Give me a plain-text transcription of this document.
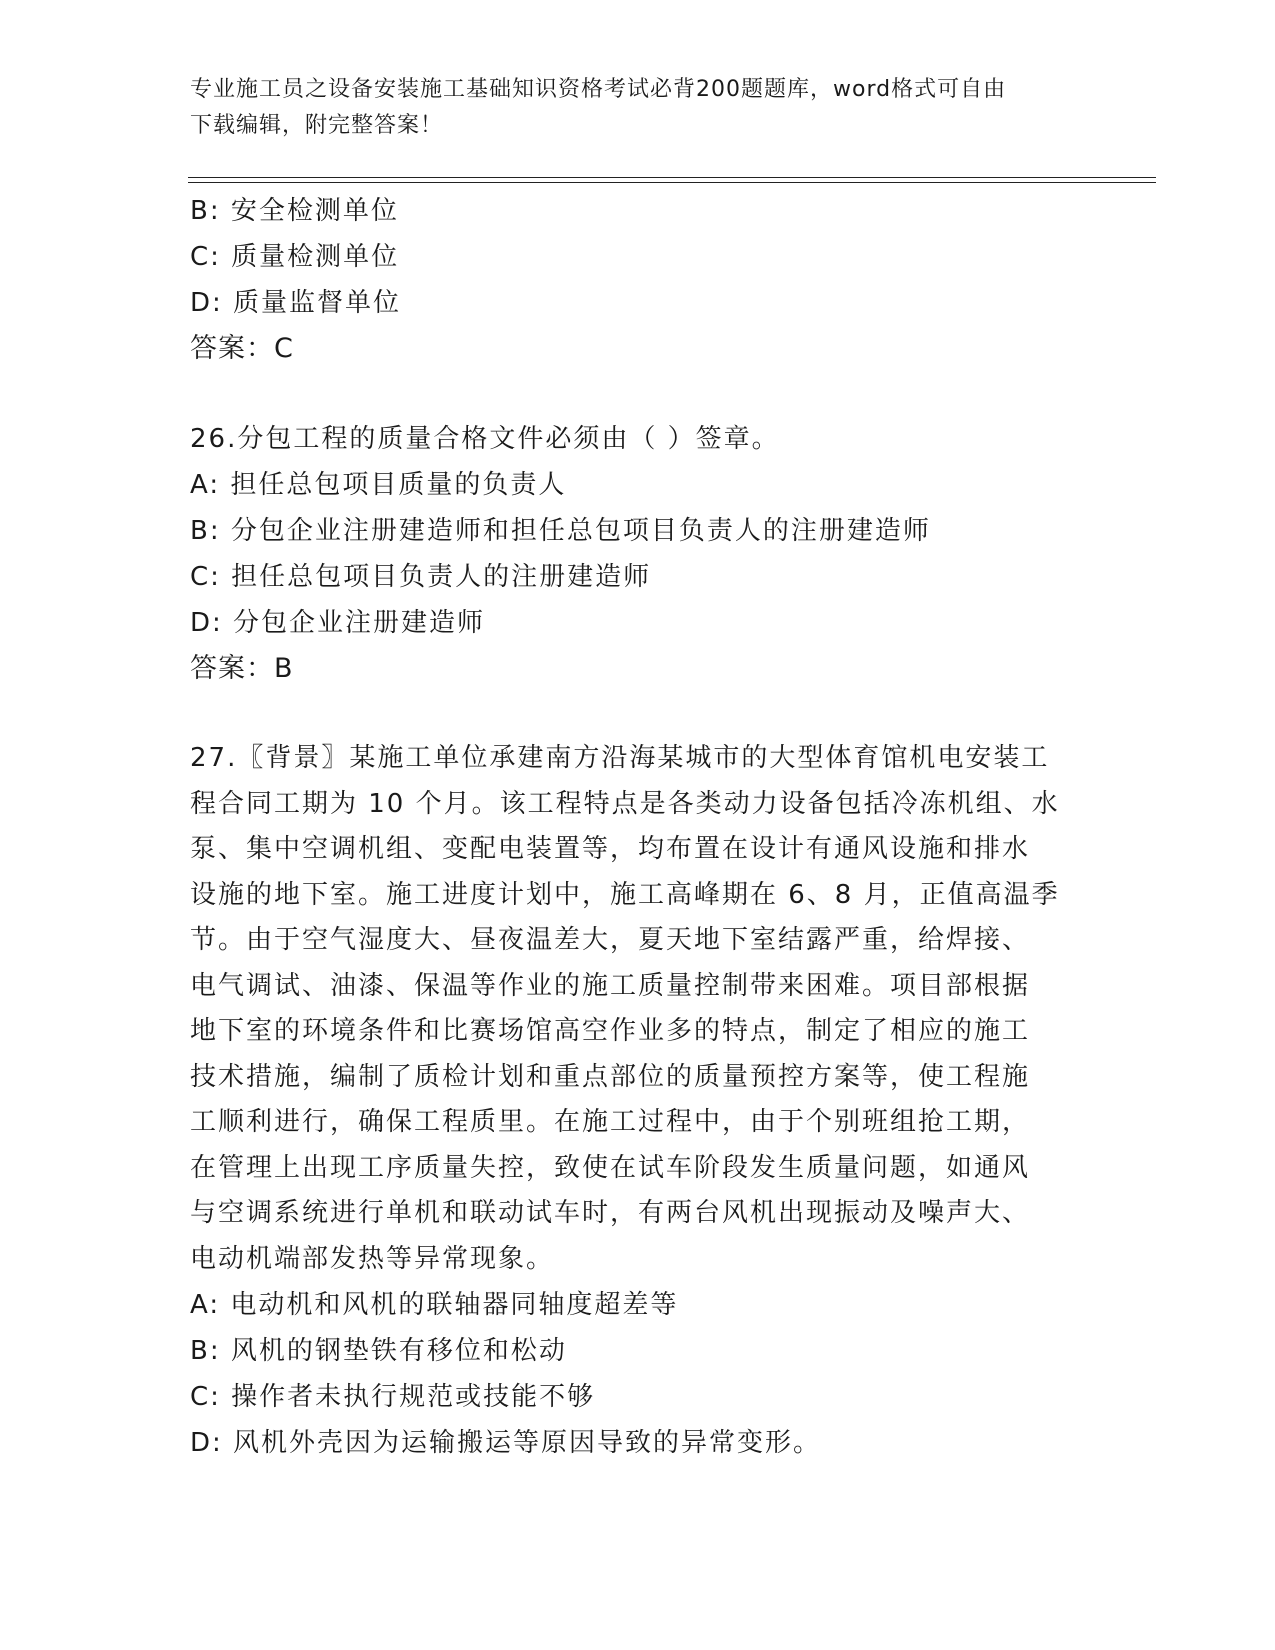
专业施工员之设备安装施工基础知识资格考试必背200题题库，word格式可自由
下载编辑，附完整答案！
B: 安全检测单位
C: 质量检测单位
D: 质量监督单位
答案：C
26.分包工程的质量合格文件必须由（ ）签章。
A: 担任总包项目质量的负责人
B: 分包企业注册建造师和担任总包项目负责人的注册建造师
C: 担任总包项目负责人的注册建造师
D: 分包企业注册建造师
答案：B
27.〖背景〗某施工单位承建南方沿海某城市的大型体育馆机电安装工
程合同工期为 10 个月。该工程特点是各类动力设备包括冷冻机组、水
泵、集中空调机组、变配电装置等，均布置在设计有通风设施和排水
设施的地下室。施工进度计划中，施工高峰期在 6、8 月，正值高温季
节。由于空气湿度大、昼夜温差大，夏天地下室结露严重，给焊接、
电气调试、油漆、保温等作业的施工质量控制带来困难。项目部根据
地下室的环境条件和比赛场馆高空作业多的特点，制定了相应的施工
技术措施，编制了质检计划和重点部位的质量预控方案等，使工程施
工顺利进行，确保工程质里。在施工过程中，由于个别班组抢工期，
在管理上出现工序质量失控，致使在试车阶段发生质量问题，如通风
与空调系统进行单机和联动试车时，有两台风机出现振动及噪声大、
电动机端部发热等异常现象。
A: 电动机和风机的联轴器同轴度超差等
B: 风机的钢垫铁有移位和松动
C: 操作者未执行规范或技能不够
D: 风机外壳因为运输搬运等原因导致的异常变形。
